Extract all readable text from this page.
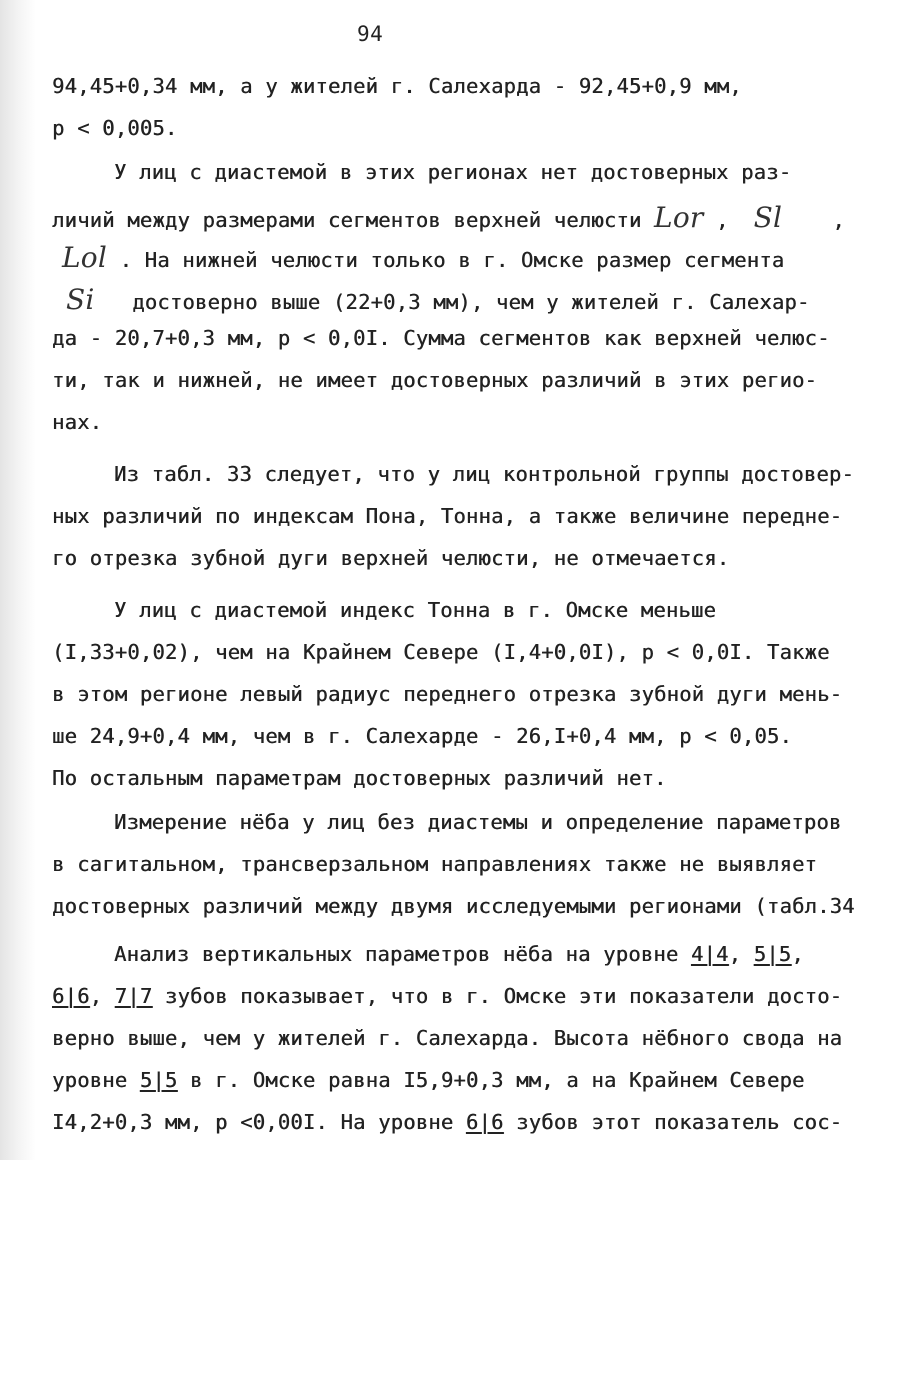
94
94,45+0,34 мм, а у жителей г. Салехарда - 92,45+0,9 мм,
р < 0,005.
У лиц с диастемой в этих регионах нет достоверных раз-
личий между размерами сегментов верхней челюсти Lor , Sl ,
Lol . На нижней челюсти только в г. Омске размер сегмента
Si достоверно выше (22+0,3 мм), чем у жителей г. Салехар-
да - 20,7+0,3 мм, р < 0,0I. Сумма сегментов как верхней челюс-
ти, так и нижней, не имеет достоверных различий в этих регио-
нах.
Из табл. 33 следует, что у лиц контрольной группы достовер-
ных различий по индексам Пона, Тонна, а также величине передне-
го отрезка зубной дуги верхней челюсти, не отмечается.
У лиц с диастемой индекс Тонна в г. Омске меньше
(I,33+0,02), чем на Крайнем Севере (I,4+0,0I), р < 0,0I. Также
в этом регионе левый радиус переднего отрезка зубной дуги мень-
ше 24,9+0,4 мм, чем в г. Салехарде - 26,I+0,4 мм, р < 0,05.
По остальным параметрам достоверных различий нет.
Измерение нёба у лиц без диастемы и определение параметров
в сагитальном, трансверзальном направлениях также не выявляет
достоверных различий между двумя исследуемыми регионами (табл.34
Анализ вертикальных параметров нёба на уровне 4|4, 5|5,
6|6, 7|7 зубов показывает, что в г. Омске эти показатели досто-
верно выше, чем у жителей г. Салехарда. Высота нёбного свода на
уровне 5|5 в г. Омске равна I5,9+0,3 мм, а на Крайнем Севере
I4,2+0,3 мм, р <0,00I. На уровне 6|6 зубов этот показатель сос-
